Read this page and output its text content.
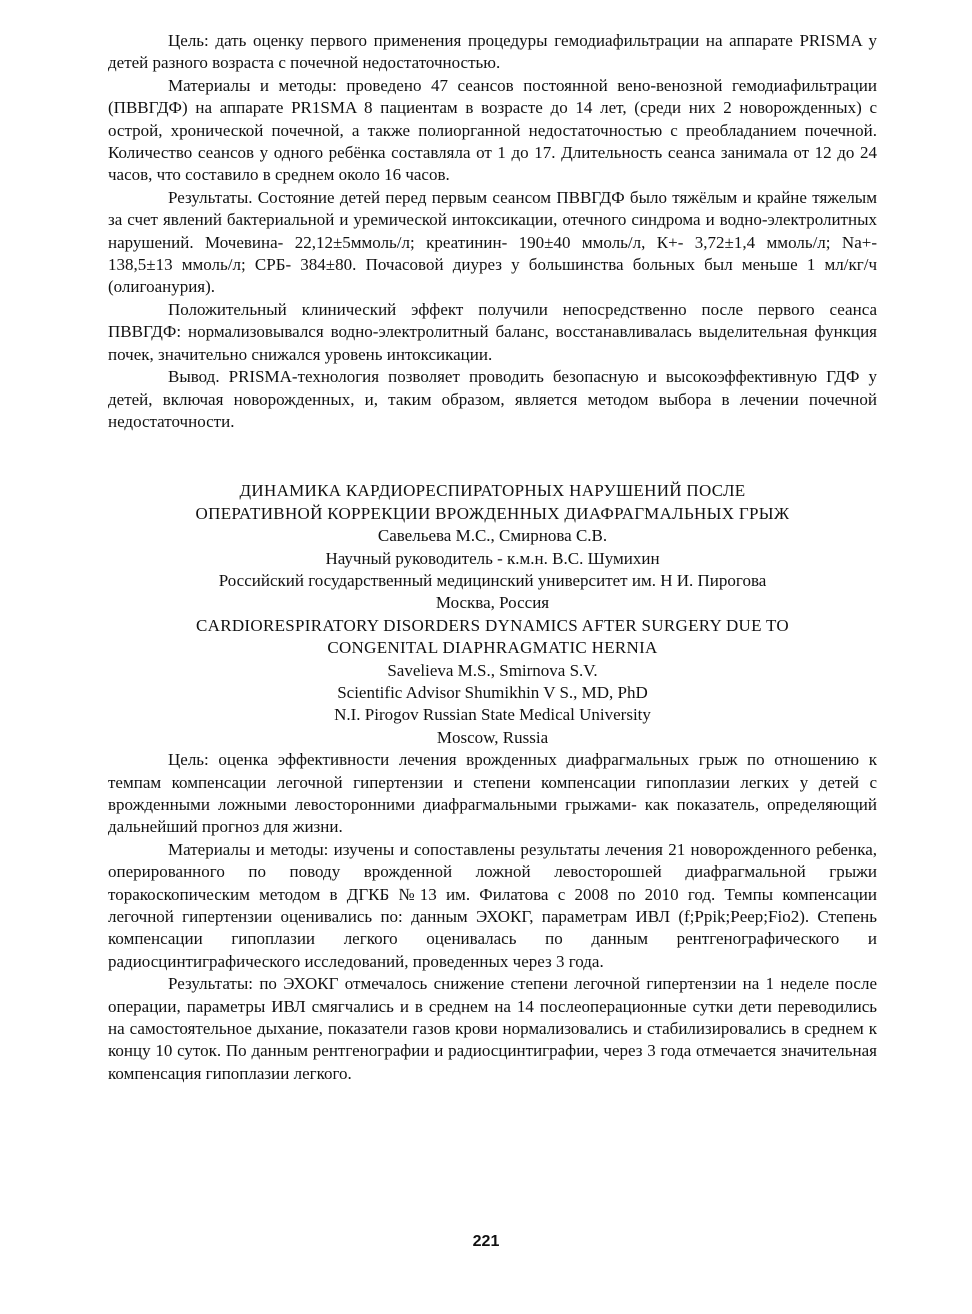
Цель: дать оценку первого применения процедуры гемодиафильтрации на аппарате PRISMA у детей разного возраста с почечной недостаточностью.

Материалы и методы: проведено 47 сеансов постоянной вено-венозной гемодиафильтрации (ПВВГДФ) на аппарате PR1SMA 8 пациентам в возрасте до 14 лет, (среди них 2 новорожденных) с острой, хронической почечной, а также полиорганной недостаточностью с преобладанием почечной. Количество сеансов у одного ребёнка составляла от 1 до 17. Длительность сеанса занимала от 12 до 24 часов, что составило в среднем около 16 часов.

Результаты. Состояние детей перед первым сеансом ПВВГДФ было тяжёлым и крайне тяжелым за счет явлений бактериальной и уремической интоксикации, отечного синдрома и водно-электролитных нарушений. Мочевина- 22,12±5ммоль/л; креатинин- 190±40 ммоль/л, К+- 3,72±1,4 ммоль/л; Na+- 138,5±13 ммоль/л; СРБ- 384±80. Почасовой диурез у большинства больных был меньше 1 мл/кг/ч (олигоанурия).

Положительный клинический эффект получили непосредственно после первого сеанса ПВВГДФ: нормализовывался водно-электролитный баланс, восстанавливалась выделительная функция почек, значительно снижался уровень интоксикации.

Вывод. PRISMA-технология позволяет проводить безопасную и высокоэффективную ГДФ у детей, включая новорожденных, и, таким образом, является методом выбора в лечении почечной недостаточности.

ДИНАМИКА КАРДИОРЕСПИРАТОРНЫХ НАРУШЕНИЙ ПОСЛЕ

ОПЕРАТИВНОЙ КОРРЕКЦИИ ВРОЖДЕННЫХ ДИАФРАГМАЛЬНЫХ ГРЫЖ

Савельева М.С., Смирнова С.В.

Научный руководитель - к.м.н. В.С. Шумихин

Российский государственный медицинский университет им. Н И. Пирогова

Москва, Россия

CARDIORESPIRATORY DISORDERS DYNAMICS AFTER SURGERY DUE TO

CONGENITAL DIAPHRAGMATIC HERNIA

Savelieva M.S., Smirnova S.V.

Scientific Advisor Shumikhin V S., MD, PhD

N.I. Pirogov Russian State Medical University

Moscow, Russia

Цель: оценка эффективности лечения врожденных диафрагмальных грыж по отношению к темпам компенсации легочной гипертензии и степени компенсации гипоплазии легких у детей с врожденными ложными левосторонними диафрагмальными грыжами- как показатель, определяющий дальнейший прогноз для жизни.

Материалы и методы: изучены и сопоставлены результаты лечения 21 новорожденного ребенка, оперированного по поводу врожденной ложной левосторошıей диафрагмальной грыжи торакоскопическим методом в ДГКБ №13 им. Филатова с 2008 по 2010 год. Темпы компенсации легочной гипертензии оценивались по: данным ЭХОКГ, параметрам ИВЛ (f;Ppik;Peep;Fio2). Степень компенсации гипоплазии легкого оценивалась по данным рентгенографического и радиосцинтиграфического исследований, проведенных через 3 года.

Результаты: по ЭХОКГ отмечалось снижение степени легочной гипертензии на 1 неделе после операции, параметры ИВЛ смягчались и в среднем на 14 послеоперационные сутки дети переводились на самостоятельное дыхание, показатели газов крови нормализовались и стабилизировались в среднем к концу 10 суток. По данным рентгенографии и радиосцинтиграфии, через 3 года отмечается значительная компенсация гипоплазии легкого.

221
